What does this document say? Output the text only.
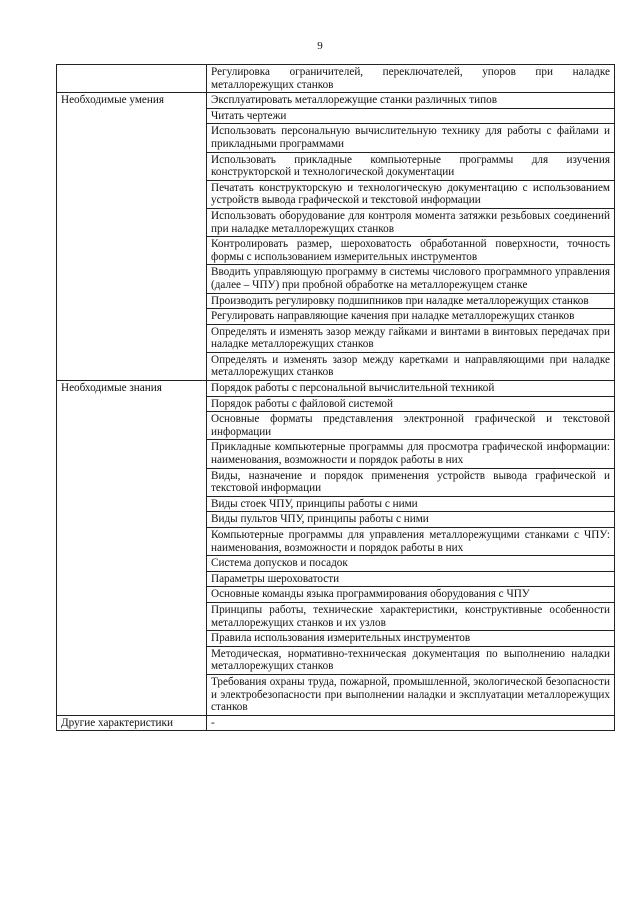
9
	Регулировка ограничителей, переключателей, упоров при наладке металлорежущих станков
Необходимые умения	Эксплуатировать металлорежущие станки различных типов
	Читать чертежи
	Использовать персональную вычислительную технику для работы с файлами и прикладными программами
	Использовать прикладные компьютерные программы для изучения конструкторской и технологической документации
	Печатать конструкторскую и технологическую документацию с использованием устройств вывода графической и текстовой информации
	Использовать оборудование для контроля момента затяжки резьбовых соединений при наладке металлорежущих станков
	Контролировать размер, шероховатость обработанной поверхности, точность формы с использованием измерительных инструментов
	Вводить управляющую программу в системы числового программного управления (далее – ЧПУ) при пробной обработке на металлорежущем станке
	Производить регулировку подшипников при наладке металлорежущих станков
	Регулировать направляющие качения при наладке металлорежущих станков
	Определять и изменять зазор между гайками и винтами в винтовых передачах при наладке металлорежущих станков
	Определять и изменять зазор между каретками и направляющими при наладке металлорежущих станков
Необходимые знания	Порядок работы с персональной вычислительной техникой
	Порядок работы с файловой системой
	Основные форматы представления электронной графической и текстовой информации
	Прикладные компьютерные программы для просмотра графической информации: наименования, возможности и порядок работы в них
	Виды, назначение и порядок применения устройств вывода графической и текстовой информации
	Виды стоек ЧПУ, принципы работы с ними
	Виды пультов ЧПУ, принципы работы с ними
	Компьютерные программы для управления металлорежущими станками с ЧПУ: наименования, возможности и порядок работы в них
	Система допусков и посадок
	Параметры шероховатости
	Основные команды языка программирования оборудования с ЧПУ
	Принципы работы, технические характеристики, конструктивные особенности металлорежущих станков и их узлов
	Правила использования измерительных инструментов
	Методическая, нормативно-техническая документация по выполнению наладки металлорежущих станков
	Требования охраны труда, пожарной, промышленной, экологической безопасности и электробезопасности при выполнении наладки и эксплуатации металлорежущих станков
Другие характеристики	-
